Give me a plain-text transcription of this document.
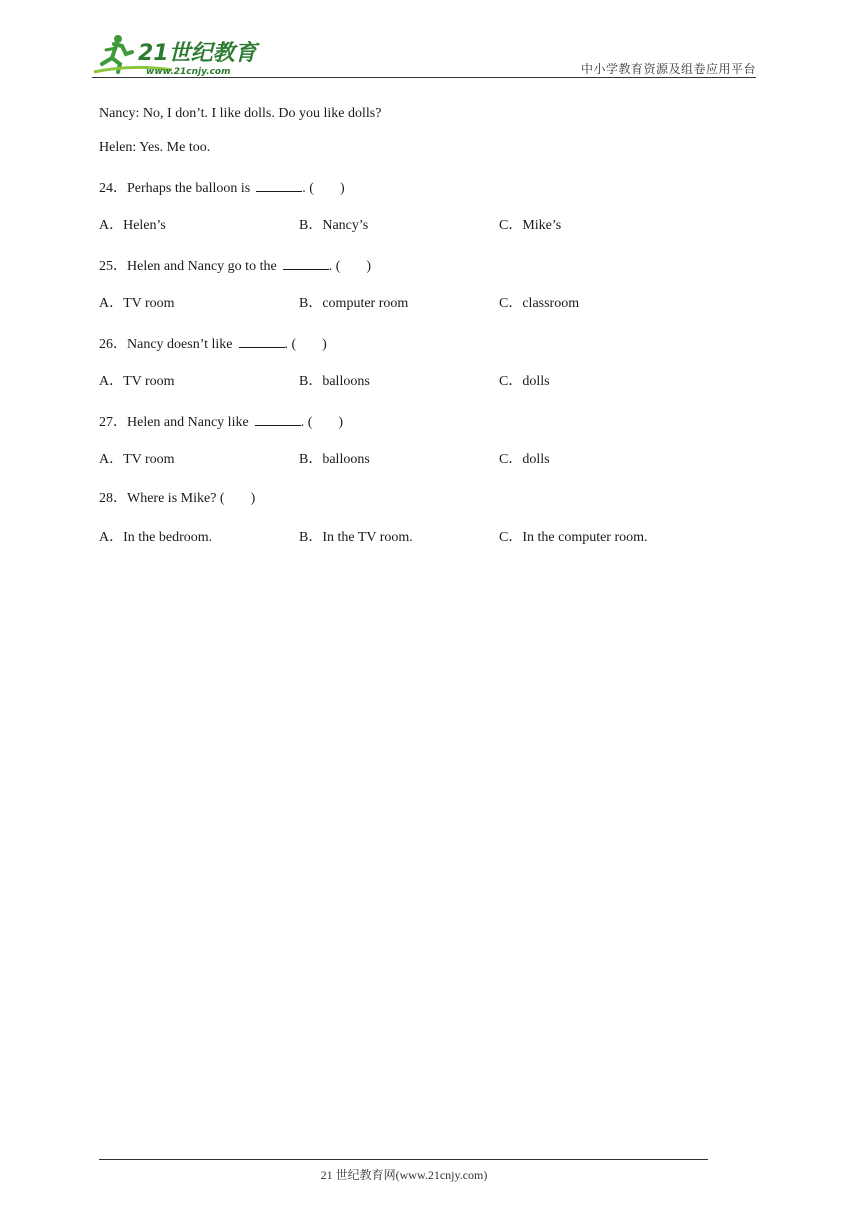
21世纪教育
www.21cnjy.com	中小学教育资源及组卷应用平台
Nancy: No, I don’t. I like dolls. Do you like dolls?
Helen: Yes. Me too.
24．Perhaps the balloon is	. ( )
A．Helen’s	B．Nancy’s	C．Mike’s
25．Helen and Nancy go to the	. ( )
A．TV room	B．computer room	C．classroom
26．Nancy doesn’t like	. ( )
A．TV room	B．balloons	C．dolls
27．Helen and Nancy like	. ( )
A．TV room	B．balloons	C．dolls
28．Where is Mike? ( )
A．In the bedroom.	B．In the TV room.	C．In the computer room.
21 世纪教育网(www.21cnjy.com)
